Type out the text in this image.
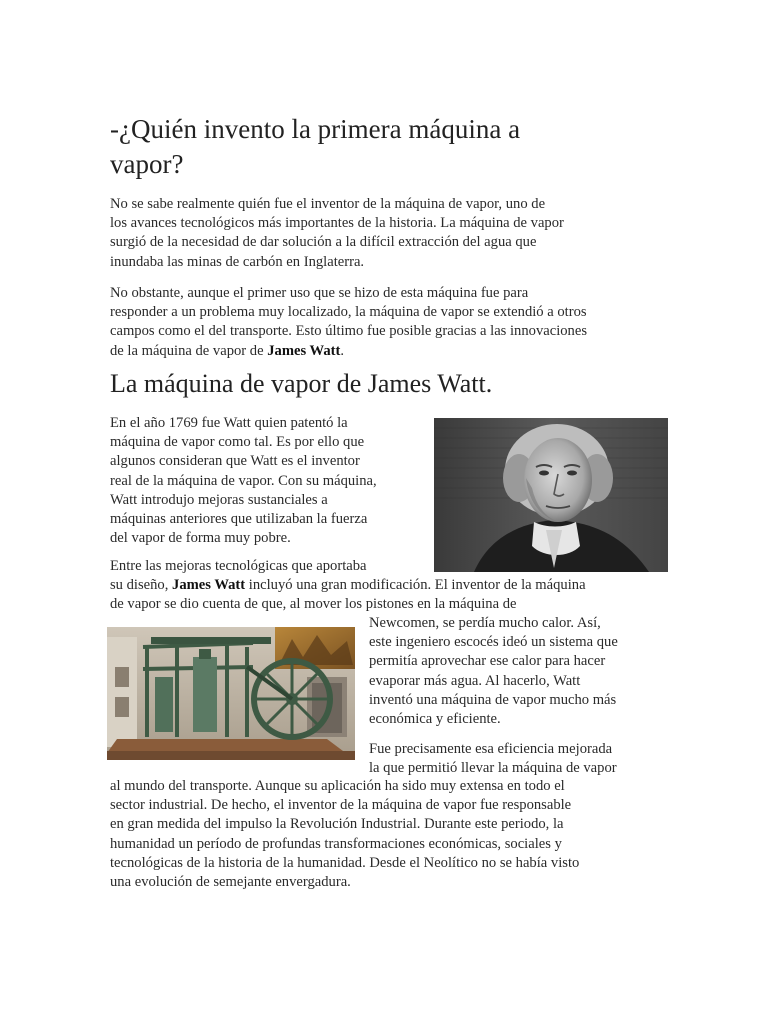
-¿Quién invento la primera máquina a
vapor?

No se sabe realmente quién fue el inventor de la máquina de vapor, uno de
los avances tecnológicos más importantes de la historia. La máquina de vapor
surgió de la necesidad de dar solución a la difícil extracción del agua que
inundaba las minas de carbón en Inglaterra.

No obstante, aunque el primer uso que se hizo de esta máquina fue para
responder a un problema muy localizado, la máquina de vapor se extendió a otros
campos como el del transporte. Esto último fue posible gracias a las innovaciones
de la máquina de vapor de James Watt.

La máquina de vapor de James Watt.

En el año 1769 fue Watt quien patentó la
máquina de vapor como tal. Es por ello que
algunos consideran que Watt es el inventor
real de la máquina de vapor. Con su máquina,
Watt introdujo mejoras sustanciales a
máquinas anteriores que utilizaban la fuerza
del vapor de forma muy pobre.

Entre las mejoras tecnológicas que aportaba
su diseño, James Watt incluyó una gran modificación. El inventor de la máquina
de vapor se dio cuenta de que, al mover los pistones en la máquina de

Newcomen, se perdía mucho calor. Así,
este ingeniero escocés ideó un sistema que
permitía aprovechar ese calor para hacer
evaporar más agua. Al hacerlo, Watt
inventó una máquina de vapor mucho más
económica y eficiente.

Fue precisamente esa eficiencia mejorada
la que permitió llevar la máquina de vapor

al mundo del transporte. Aunque su aplicación ha sido muy extensa en todo el
sector industrial. De hecho, el inventor de la máquina de vapor fue responsable
en gran medida del impulso la Revolución Industrial. Durante este periodo, la
humanidad un período de profundas transformaciones económicas, sociales y
tecnológicas de la historia de la humanidad. Desde el Neolítico no se había visto
una evolución de semejante envergadura.
